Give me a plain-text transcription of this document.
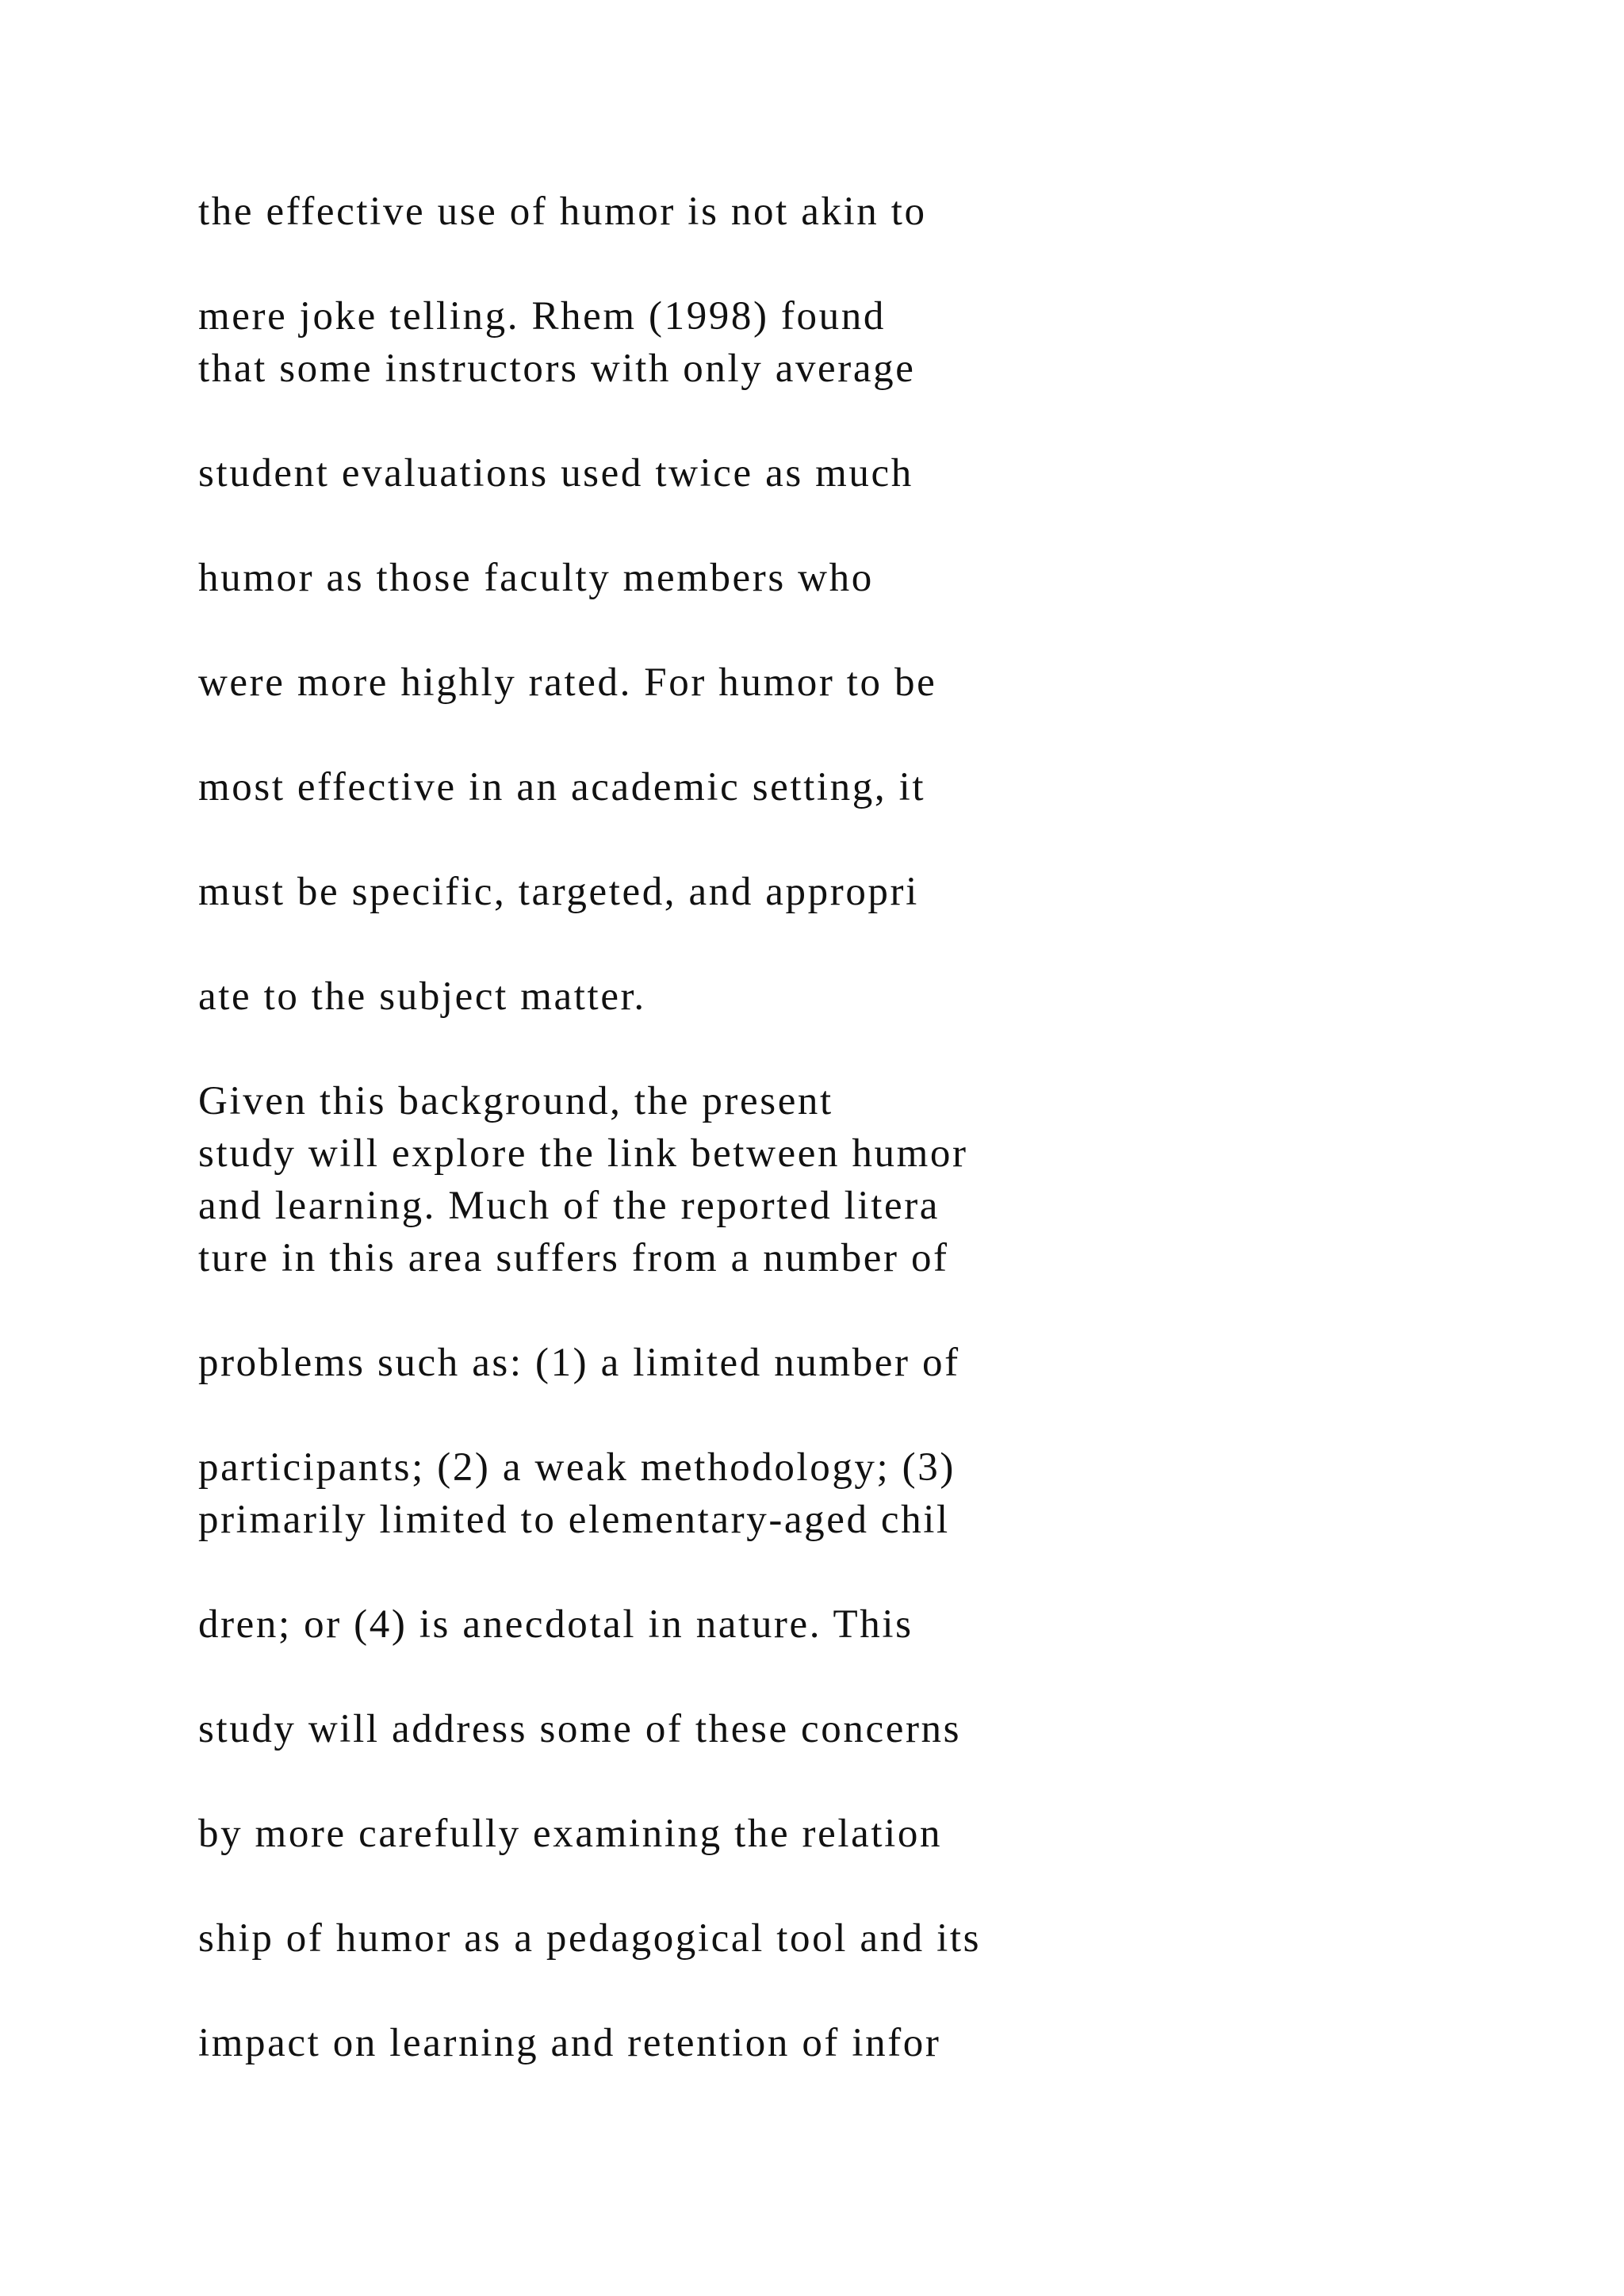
the effective use of humor is not akin to

mere joke telling. Rhem (1998) found

that some instructors with only average

student evaluations used twice as much

humor as those faculty members who

were more highly rated. For humor to be

most effective in an academic setting, it

must be specific, targeted, and appropri

ate to the subject matter.

Given this background, the present

study will explore the link between humor

and learning. Much of the reported litera

ture in this area suffers from a number of

problems such as: (1) a limited number of

participants; (2) a weak methodology; (3)

primarily limited to elementary-aged chil

dren; or (4) is anecdotal in nature. This

study will address some of these concerns

by more carefully examining the relation

ship of humor as a pedagogical tool and its

impact on learning and retention of infor
